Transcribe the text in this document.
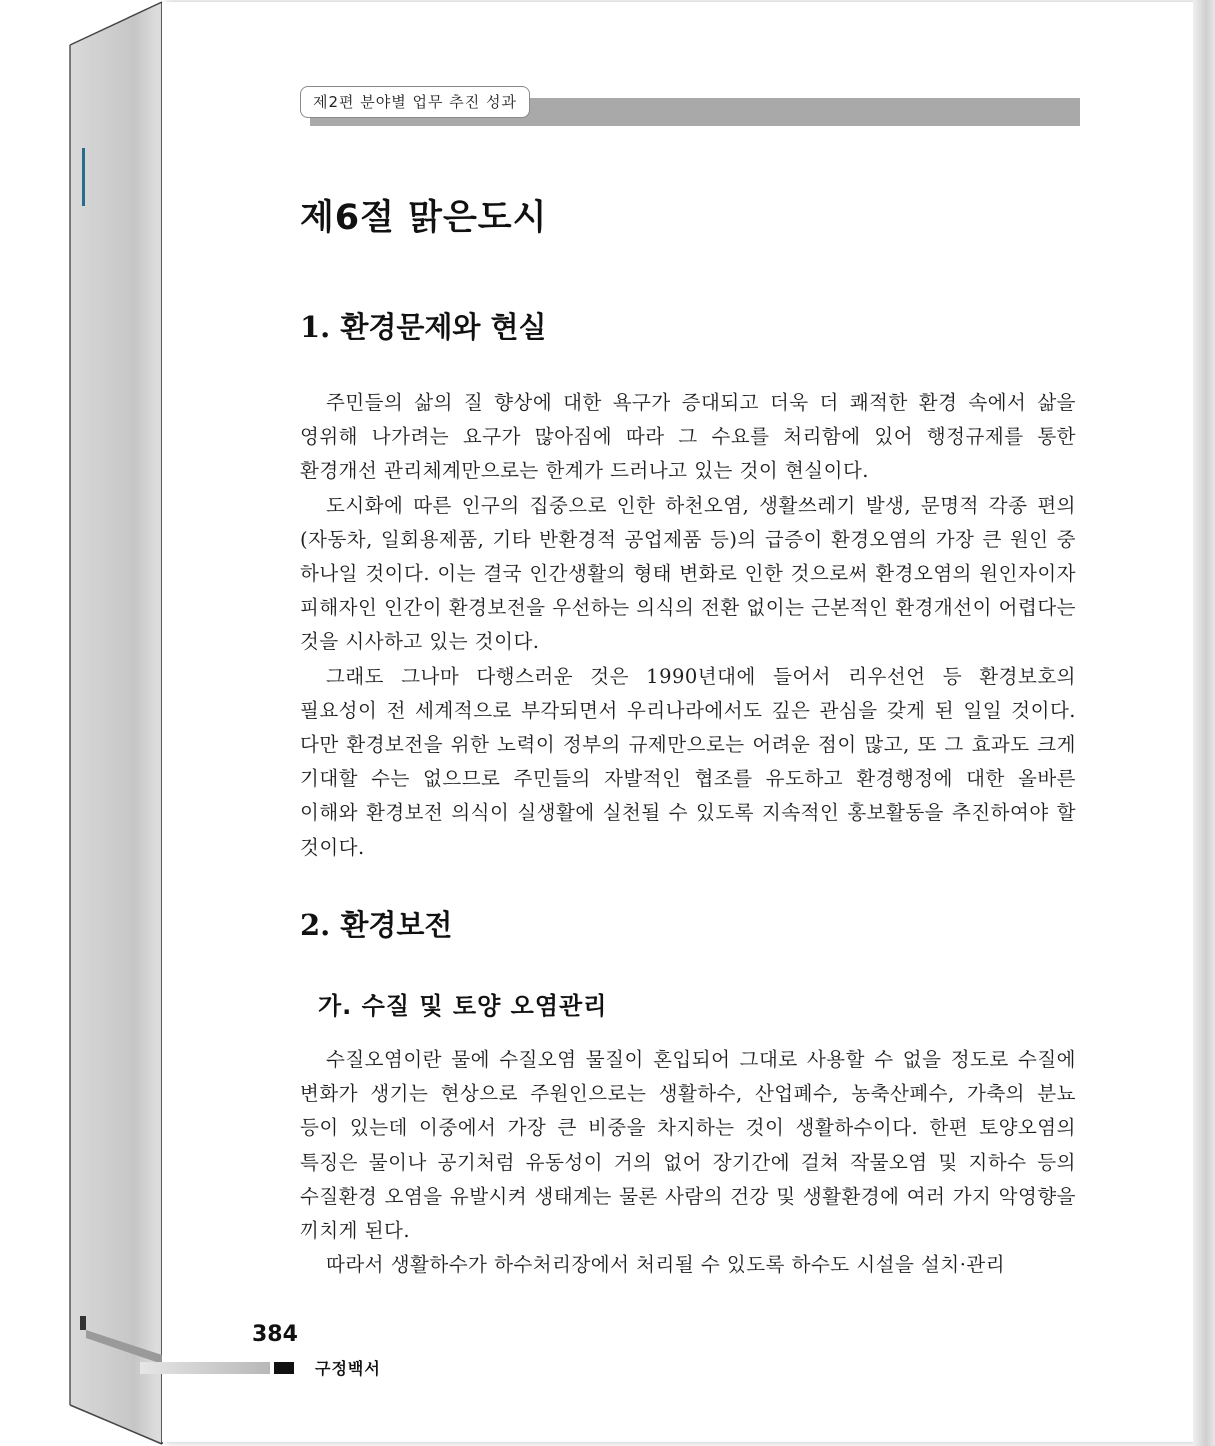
제2편 분야별 업무 추진 성과
제6절 맑은도시
1. 환경문제와 현실

주민들의 삶의 질 향상에 대한 욕구가 증대되고 더욱 더 쾌적한 환경 속에서 삶을 영위해 나가려는 요구가 많아짐에 따라 그 수요를 처리함에 있어 행정규제를 통한 환경개선 관리체계만으로는 한계가 드러나고 있는 것이 현실이다.

도시화에 따른 인구의 집중으로 인한 하천오염, 생활쓰레기 발생, 문명적 각종 편의(자동차, 일회용제품, 기타 반환경적 공업제품 등)의 급증이 환경오염의 가장 큰 원인 중 하나일 것이다. 이는 결국 인간생활의 형태 변화로 인한 것으로써 환경오염의 원인자이자 피해자인 인간이 환경보전을 우선하는 의식의 전환 없이는 근본적인 환경개선이 어렵다는 것을 시사하고 있는 것이다.

그래도 그나마 다행스러운 것은 1990년대에 들어서 리우선언 등 환경보호의 필요성이 전 세계적으로 부각되면서 우리나라에서도 깊은 관심을 갖게 된 일일 것이다. 다만 환경보전을 위한 노력이 정부의 규제만으로는 어려운 점이 많고, 또 그 효과도 크게 기대할 수는 없으므로 주민들의 자발적인 협조를 유도하고 환경행정에 대한 올바른 이해와 환경보전 의식이 실생활에 실천될 수 있도록 지속적인 홍보활동을 추진하여야 할 것이다.

2. 환경보전
가. 수질 및 토양 오염관리

수질오염이란 물에 수질오염 물질이 혼입되어 그대로 사용할 수 없을 정도로 수질에 변화가 생기는 현상으로 주원인으로는 생활하수, 산업폐수, 농축산폐수, 가축의 분뇨 등이 있는데 이중에서 가장 큰 비중을 차지하는 것이 생활하수이다. 한편 토양오염의 특징은 물이나 공기처럼 유동성이 거의 없어 장기간에 걸쳐 작물오염 및 지하수 등의 수질환경 오염을 유발시켜 생태계는 물론 사람의 건강 및 생활환경에 여러 가지 악영향을 끼치게 된다.

따라서 생활하수가 하수처리장에서 처리될 수 있도록 하수도 시설을 설치·관리

384
구정백서
